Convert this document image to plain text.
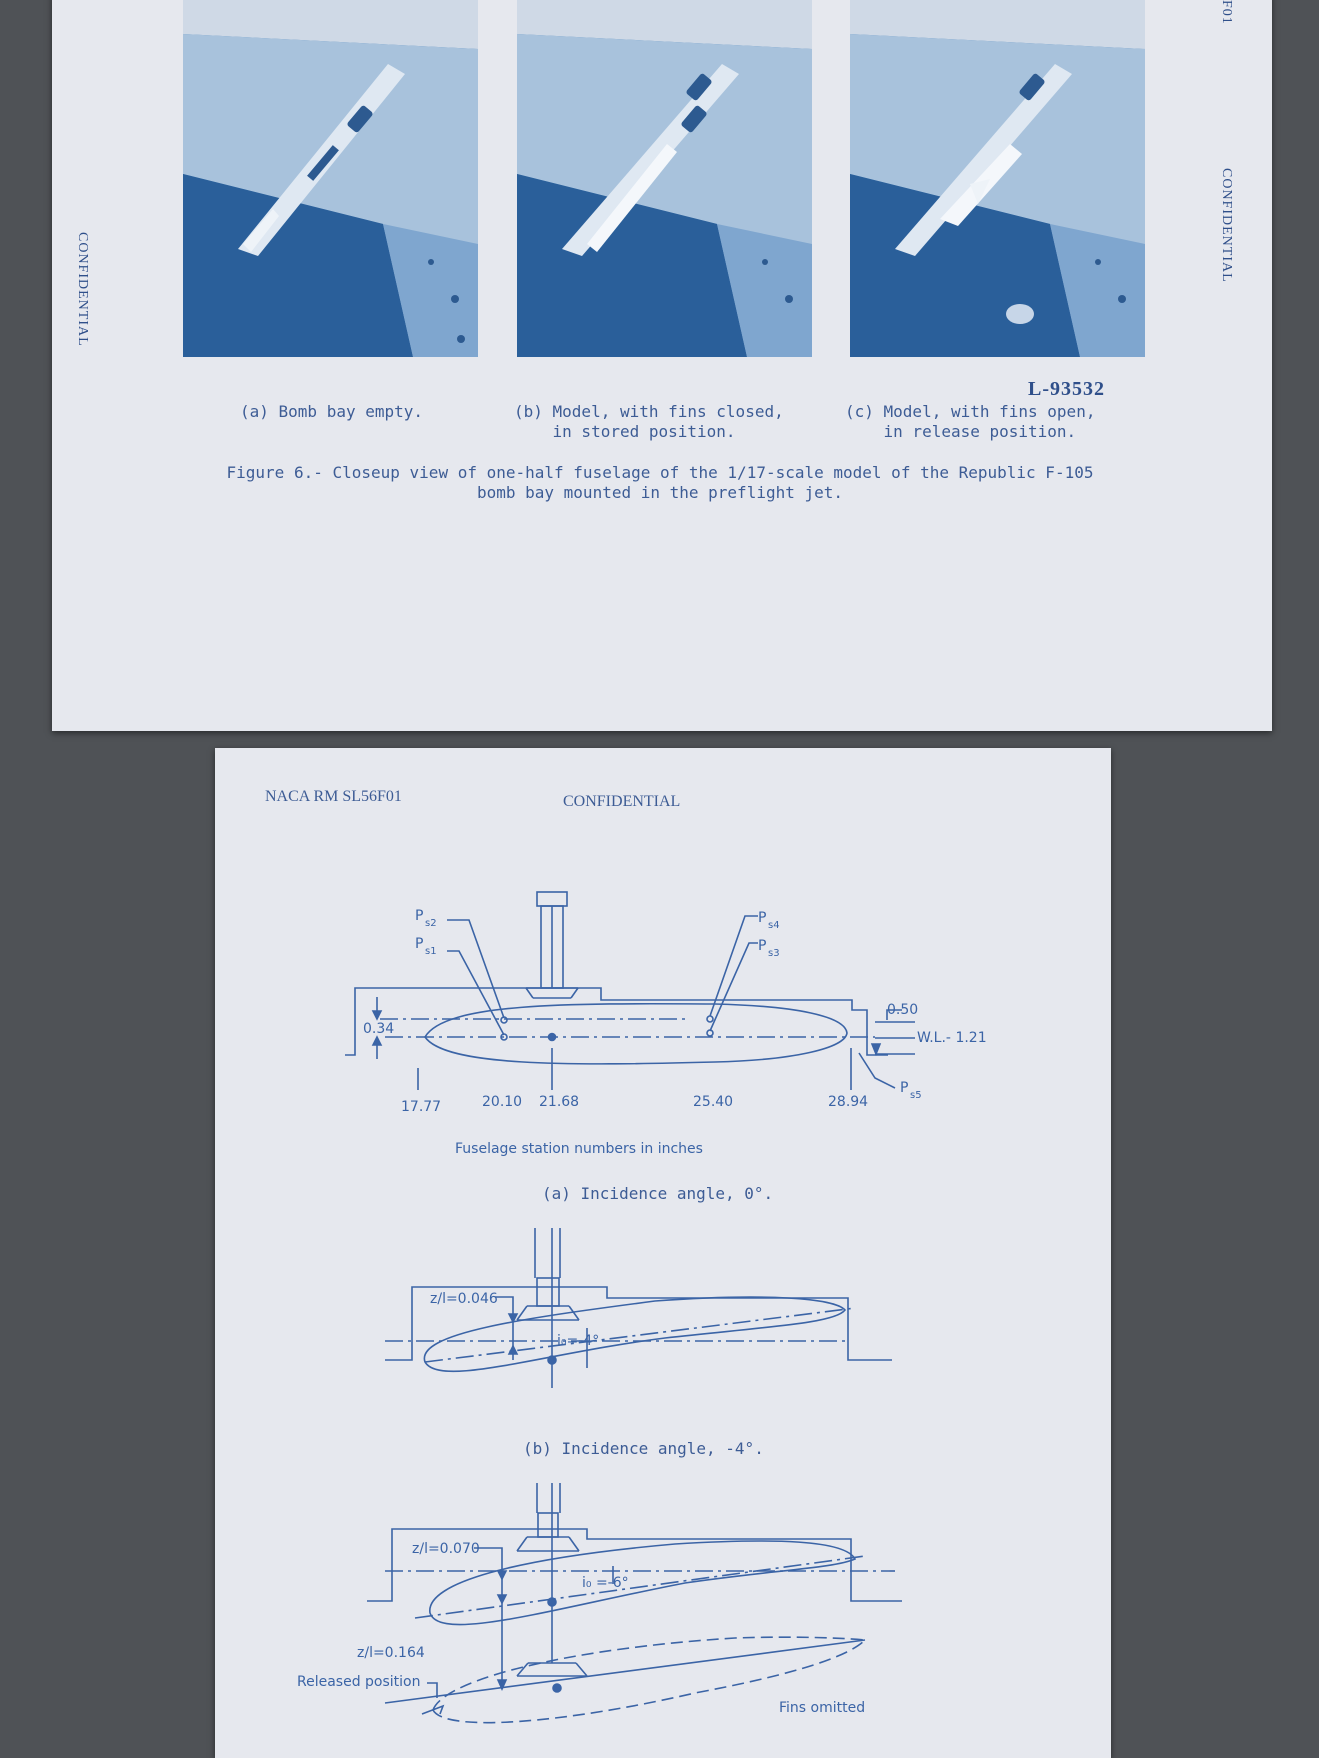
CONFIDENTIAL
CONFIDENTIAL
F01
L-93532
(a) Bomb bay empty.	(b) Model, with fins closed,
in stored position.
(c) Model, with fins open,
in release position.
Figure 6.- Closeup view of one-half fuselage of the 1/17-scale model of the Republic F-105
bomb bay mounted in the preflight jet.
NACA RM SL56F01	CONFIDENTIAL
P s2
P s1
P s4
P s3
P s5
0.34
0.50
W.L.- 1.21
17.77	20.10 21.68	25.40	28.94
Fuselage station numbers in inches
z/l=0.046
i₀=-4°
z/l=0.070
i₀ =-6°
z/l=0.164
Released position
Fins omitted
(a) Incidence angle, 0°.
(b) Incidence angle, -4°.
